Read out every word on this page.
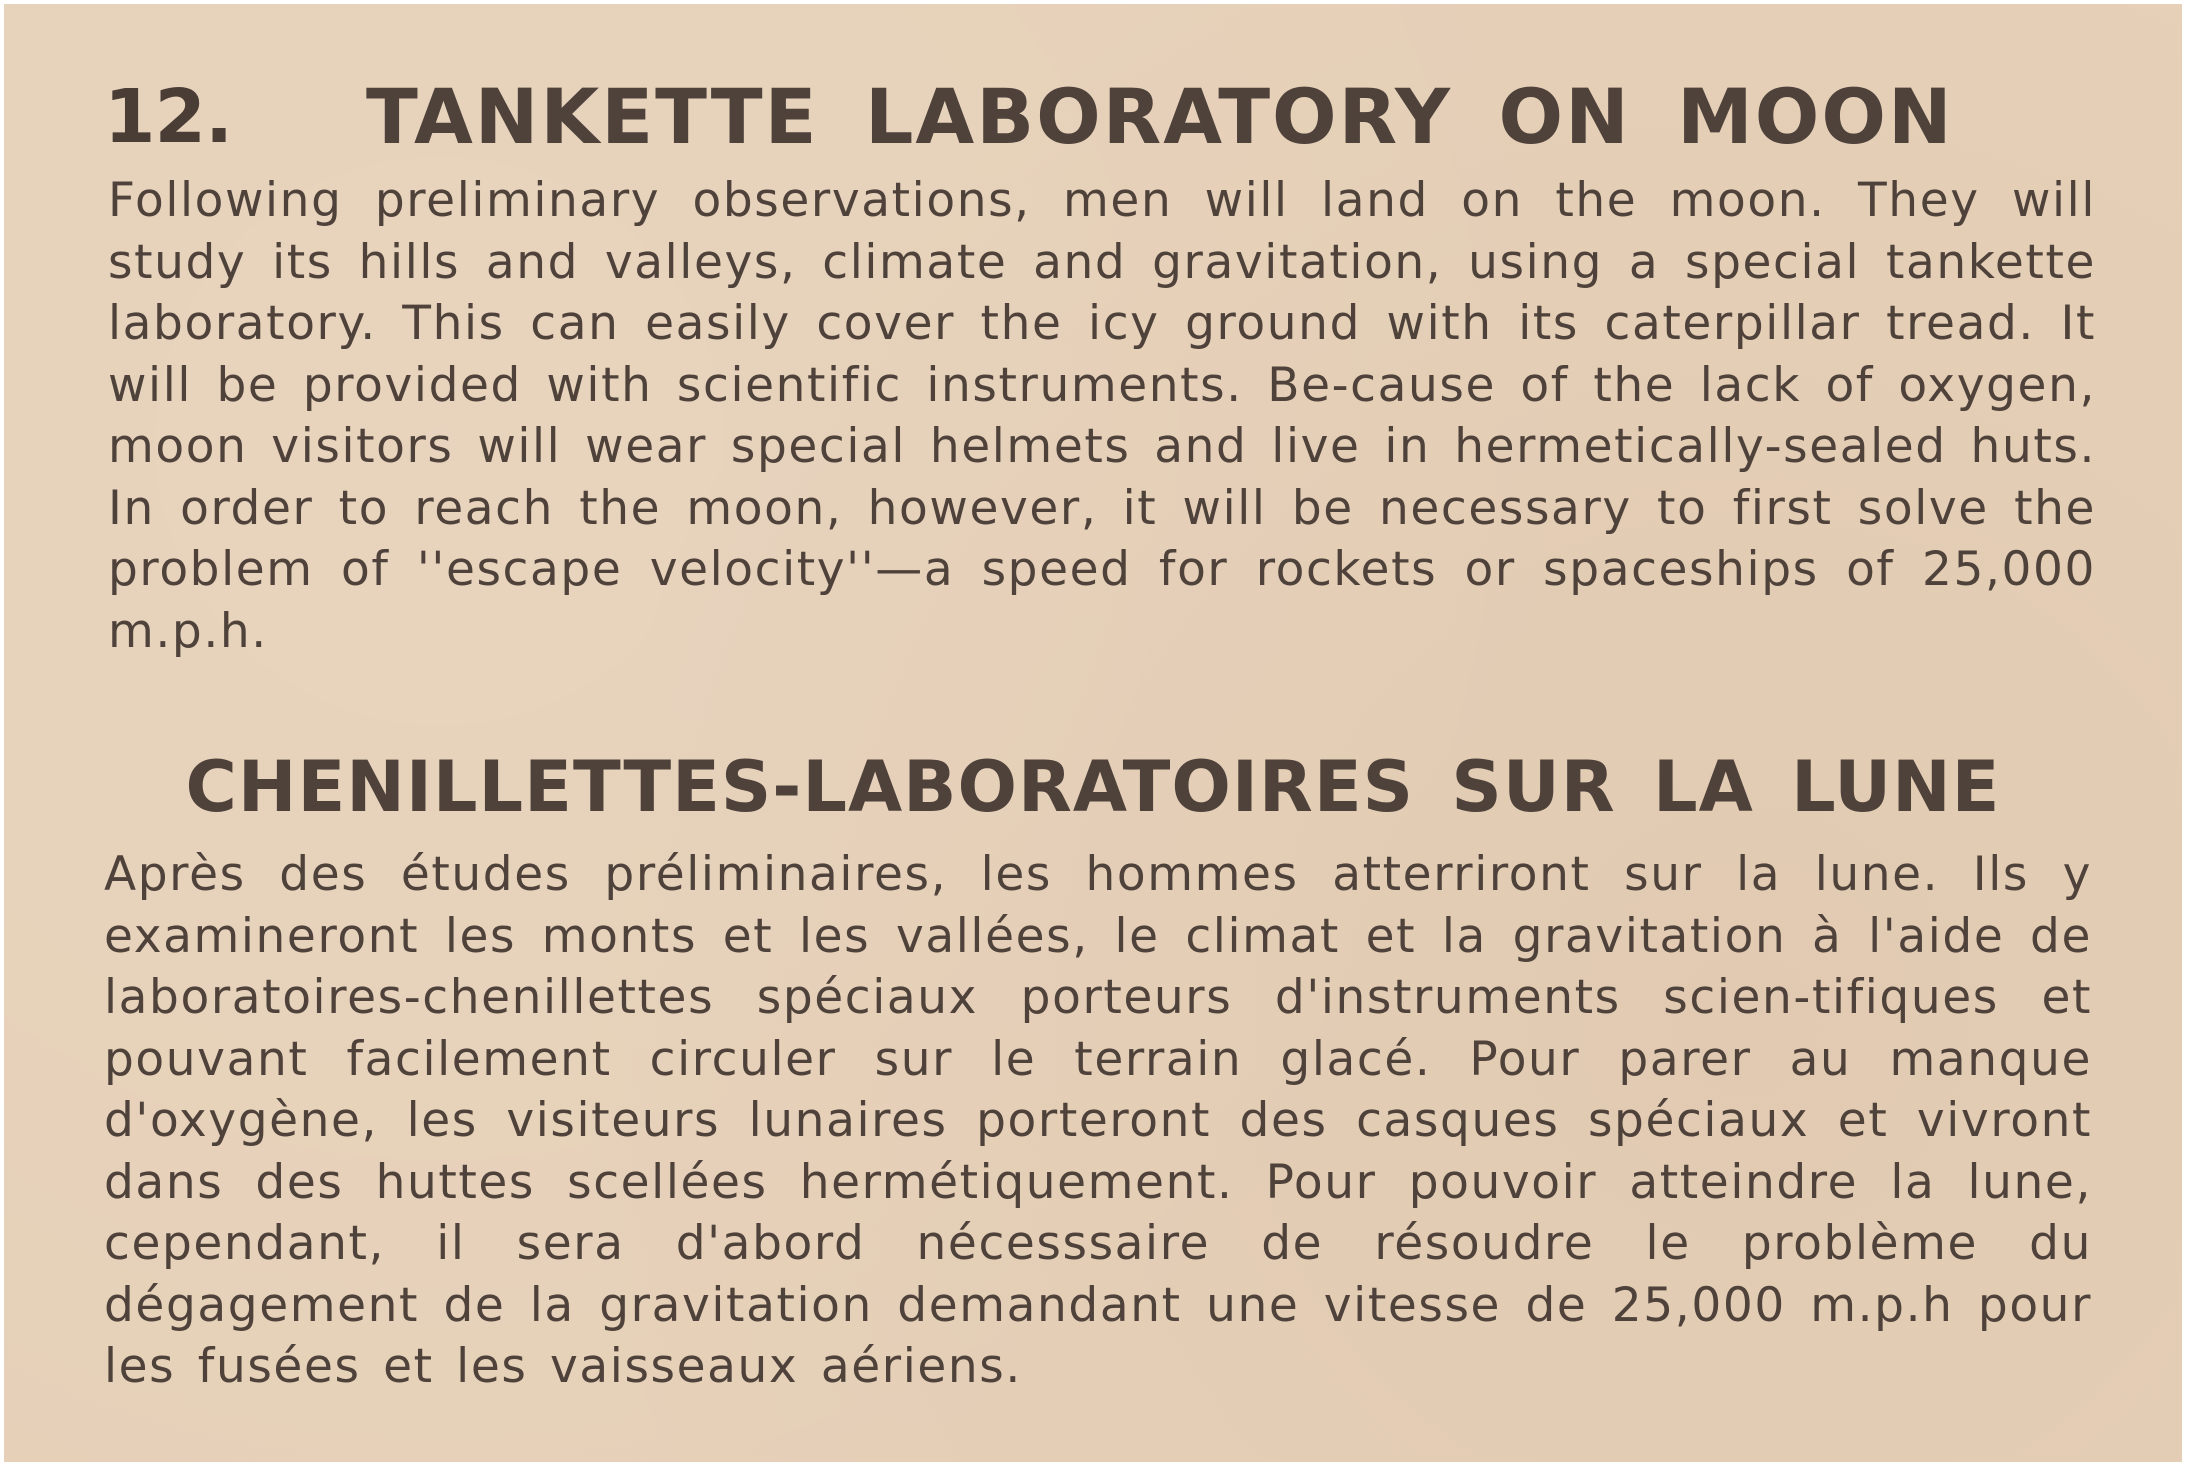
12. TANKETTE LABORATORY ON MOON
Following preliminary observations, men will land on the moon. They will study its hills and valleys, climate and gravitation, using a special tankette laboratory. This can easily cover the icy ground with its caterpillar tread. It will be provided with scientific instruments. Be-cause of the lack of oxygen, moon visitors will wear special helmets and live in hermetically-sealed huts. In order to reach the moon, however, it will be necessary to first solve the problem of ''escape velocity''—a speed for rockets or spaceships of 25,000 m.p.h.
CHENILLETTES-LABORATOIRES SUR LA LUNE
Après des études préliminaires, les hommes atterriront sur la lune. Ils y examineront les monts et les vallées, le climat et la gravitation à l'aide de laboratoires-chenillettes spéciaux porteurs d'instruments scien-tifiques et pouvant facilement circuler sur le terrain glacé. Pour parer au manque d'oxygène, les visiteurs lunaires porteront des casques spéciaux et vivront dans des huttes scellées hermétiquement. Pour pouvoir atteindre la lune, cependant, il sera d'abord nécesssaire de résoudre le problème du dégagement de la gravitation demandant une vitesse de 25,000 m.p.h pour les fusées et les vaisseaux aériens.
